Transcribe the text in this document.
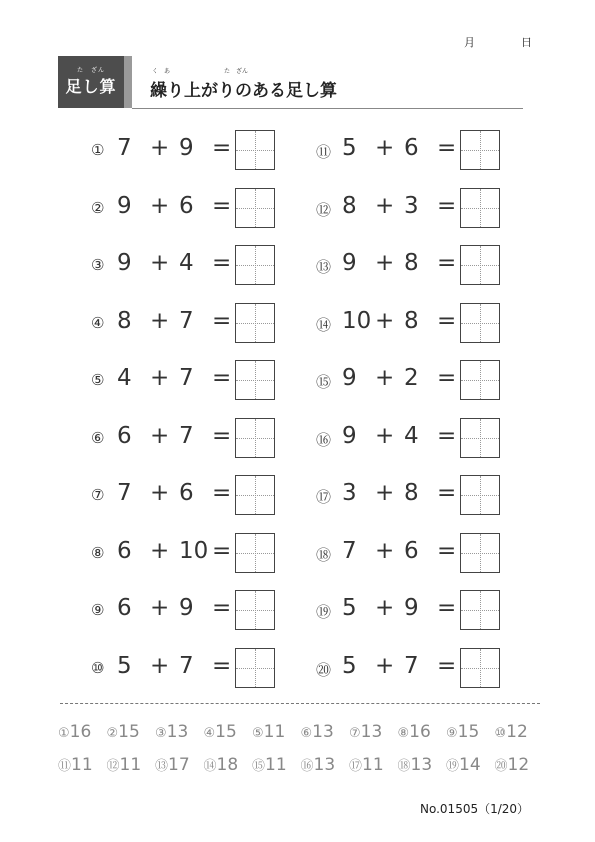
月	日
た　ざん
足し算
く　あ　　　　　　　　　た　ざん
繰り上がりのある足し算
① 7 + 9 =
② 9 + 6 =
③ 9 + 4 =
④ 8 + 7 =
⑤ 4 + 7 =
⑥ 6 + 7 =
⑦ 7 + 6 =
⑧ 6 + 10 =
⑨ 6 + 9 =
⑩ 5 + 7 =
⑪ 5 + 6 =
⑫ 8 + 3 =
⑬ 9 + 8 =
⑭ 10 + 8 =
⑮ 9 + 2 =
⑯ 9 + 4 =
⑰ 3 + 8 =
⑱ 7 + 6 =
⑲ 5 + 9 =
⑳ 5 + 7 =
①16 ②15 ③13 ④15 ⑤11 ⑥13 ⑦13 ⑧16 ⑨15 ⑩12
⑪11 ⑫11 ⑬17 ⑭18 ⑮11 ⑯13 ⑰11 ⑱13 ⑲14 ⑳12
No.01505（1/20）
